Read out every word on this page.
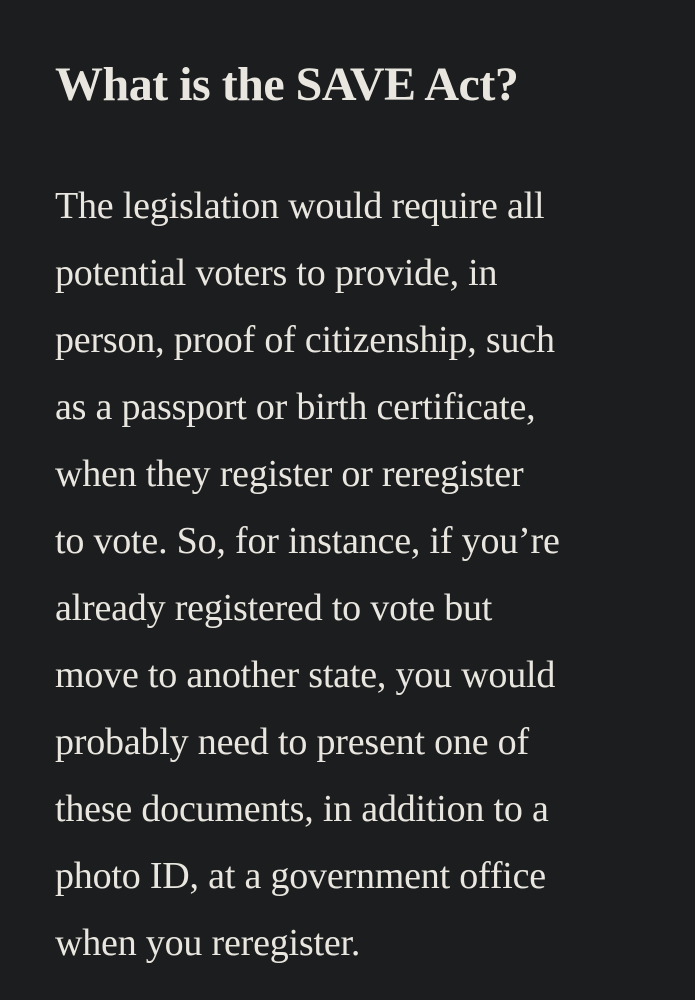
What is the SAVE Act?

The legislation would require all
potential voters to provide, in
person, proof of citizenship, such
as a passport or birth certificate,
when they register or reregister
to vote. So, for instance, if you’re
already registered to vote but
move to another state, you would
probably need to present one of
these documents, in addition to a
photo ID, at a government office
when you reregister.
